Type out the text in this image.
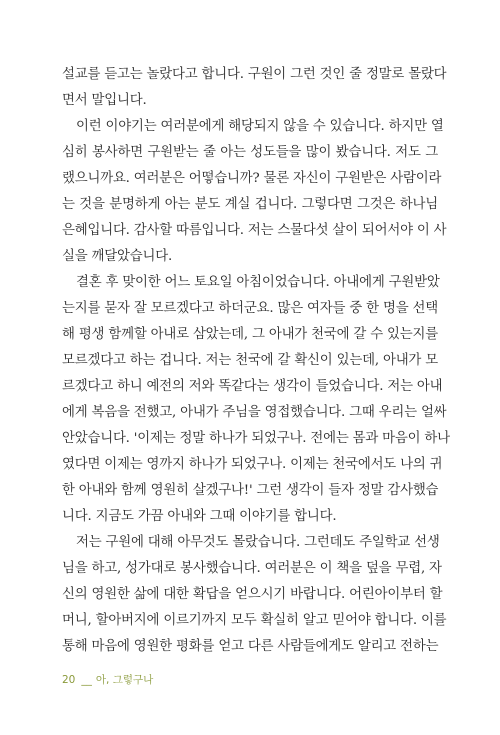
설교를 듣고는 놀랐다고 합니다. 구원이 그런 것인 줄 정말로 몰랐다
면서 말입니다.
이런 이야기는 여러분에게 해당되지 않을 수 있습니다. 하지만 열
심히 봉사하면 구원받는 줄 아는 성도들을 많이 봤습니다. 저도 그
랬으니까요. 여러분은 어떻습니까? 물론 자신이 구원받은 사람이라
는 것을 분명하게 아는 분도 계실 겁니다. 그렇다면 그것은 하나님
은혜입니다. 감사할 따름입니다. 저는 스물다섯 살이 되어서야 이 사
실을 깨달았습니다.
결혼 후 맞이한 어느 토요일 아침이었습니다. 아내에게 구원받았
는지를 묻자 잘 모르겠다고 하더군요. 많은 여자들 중 한 명을 선택
해 평생 함께할 아내로 삼았는데, 그 아내가 천국에 갈 수 있는지를
모르겠다고 하는 겁니다. 저는 천국에 갈 확신이 있는데, 아내가 모
르겠다고 하니 예전의 저와 똑같다는 생각이 들었습니다. 저는 아내
에게 복음을 전했고, 아내가 주님을 영접했습니다. 그때 우리는 얼싸
안았습니다. '이제는 정말 하나가 되었구나. 전에는 몸과 마음이 하나
였다면 이제는 영까지 하나가 되었구나. 이제는 천국에서도 나의 귀
한 아내와 함께 영원히 살겠구나!' 그런 생각이 들자 정말 감사했습
니다. 지금도 가끔 아내와 그때 이야기를 합니다.
저는 구원에 대해 아무것도 몰랐습니다. 그런데도 주일학교 선생
님을 하고, 성가대로 봉사했습니다. 여러분은 이 책을 덮을 무렵, 자
신의 영원한 삶에 대한 확답을 얻으시기 바랍니다. 어린아이부터 할
머니, 할아버지에 이르기까지 모두 확실히 알고 믿어야 합니다. 이를
통해 마음에 영원한 평화를 얻고 다른 사람들에게도 알리고 전하는
20 __ 아, 그렇구나
